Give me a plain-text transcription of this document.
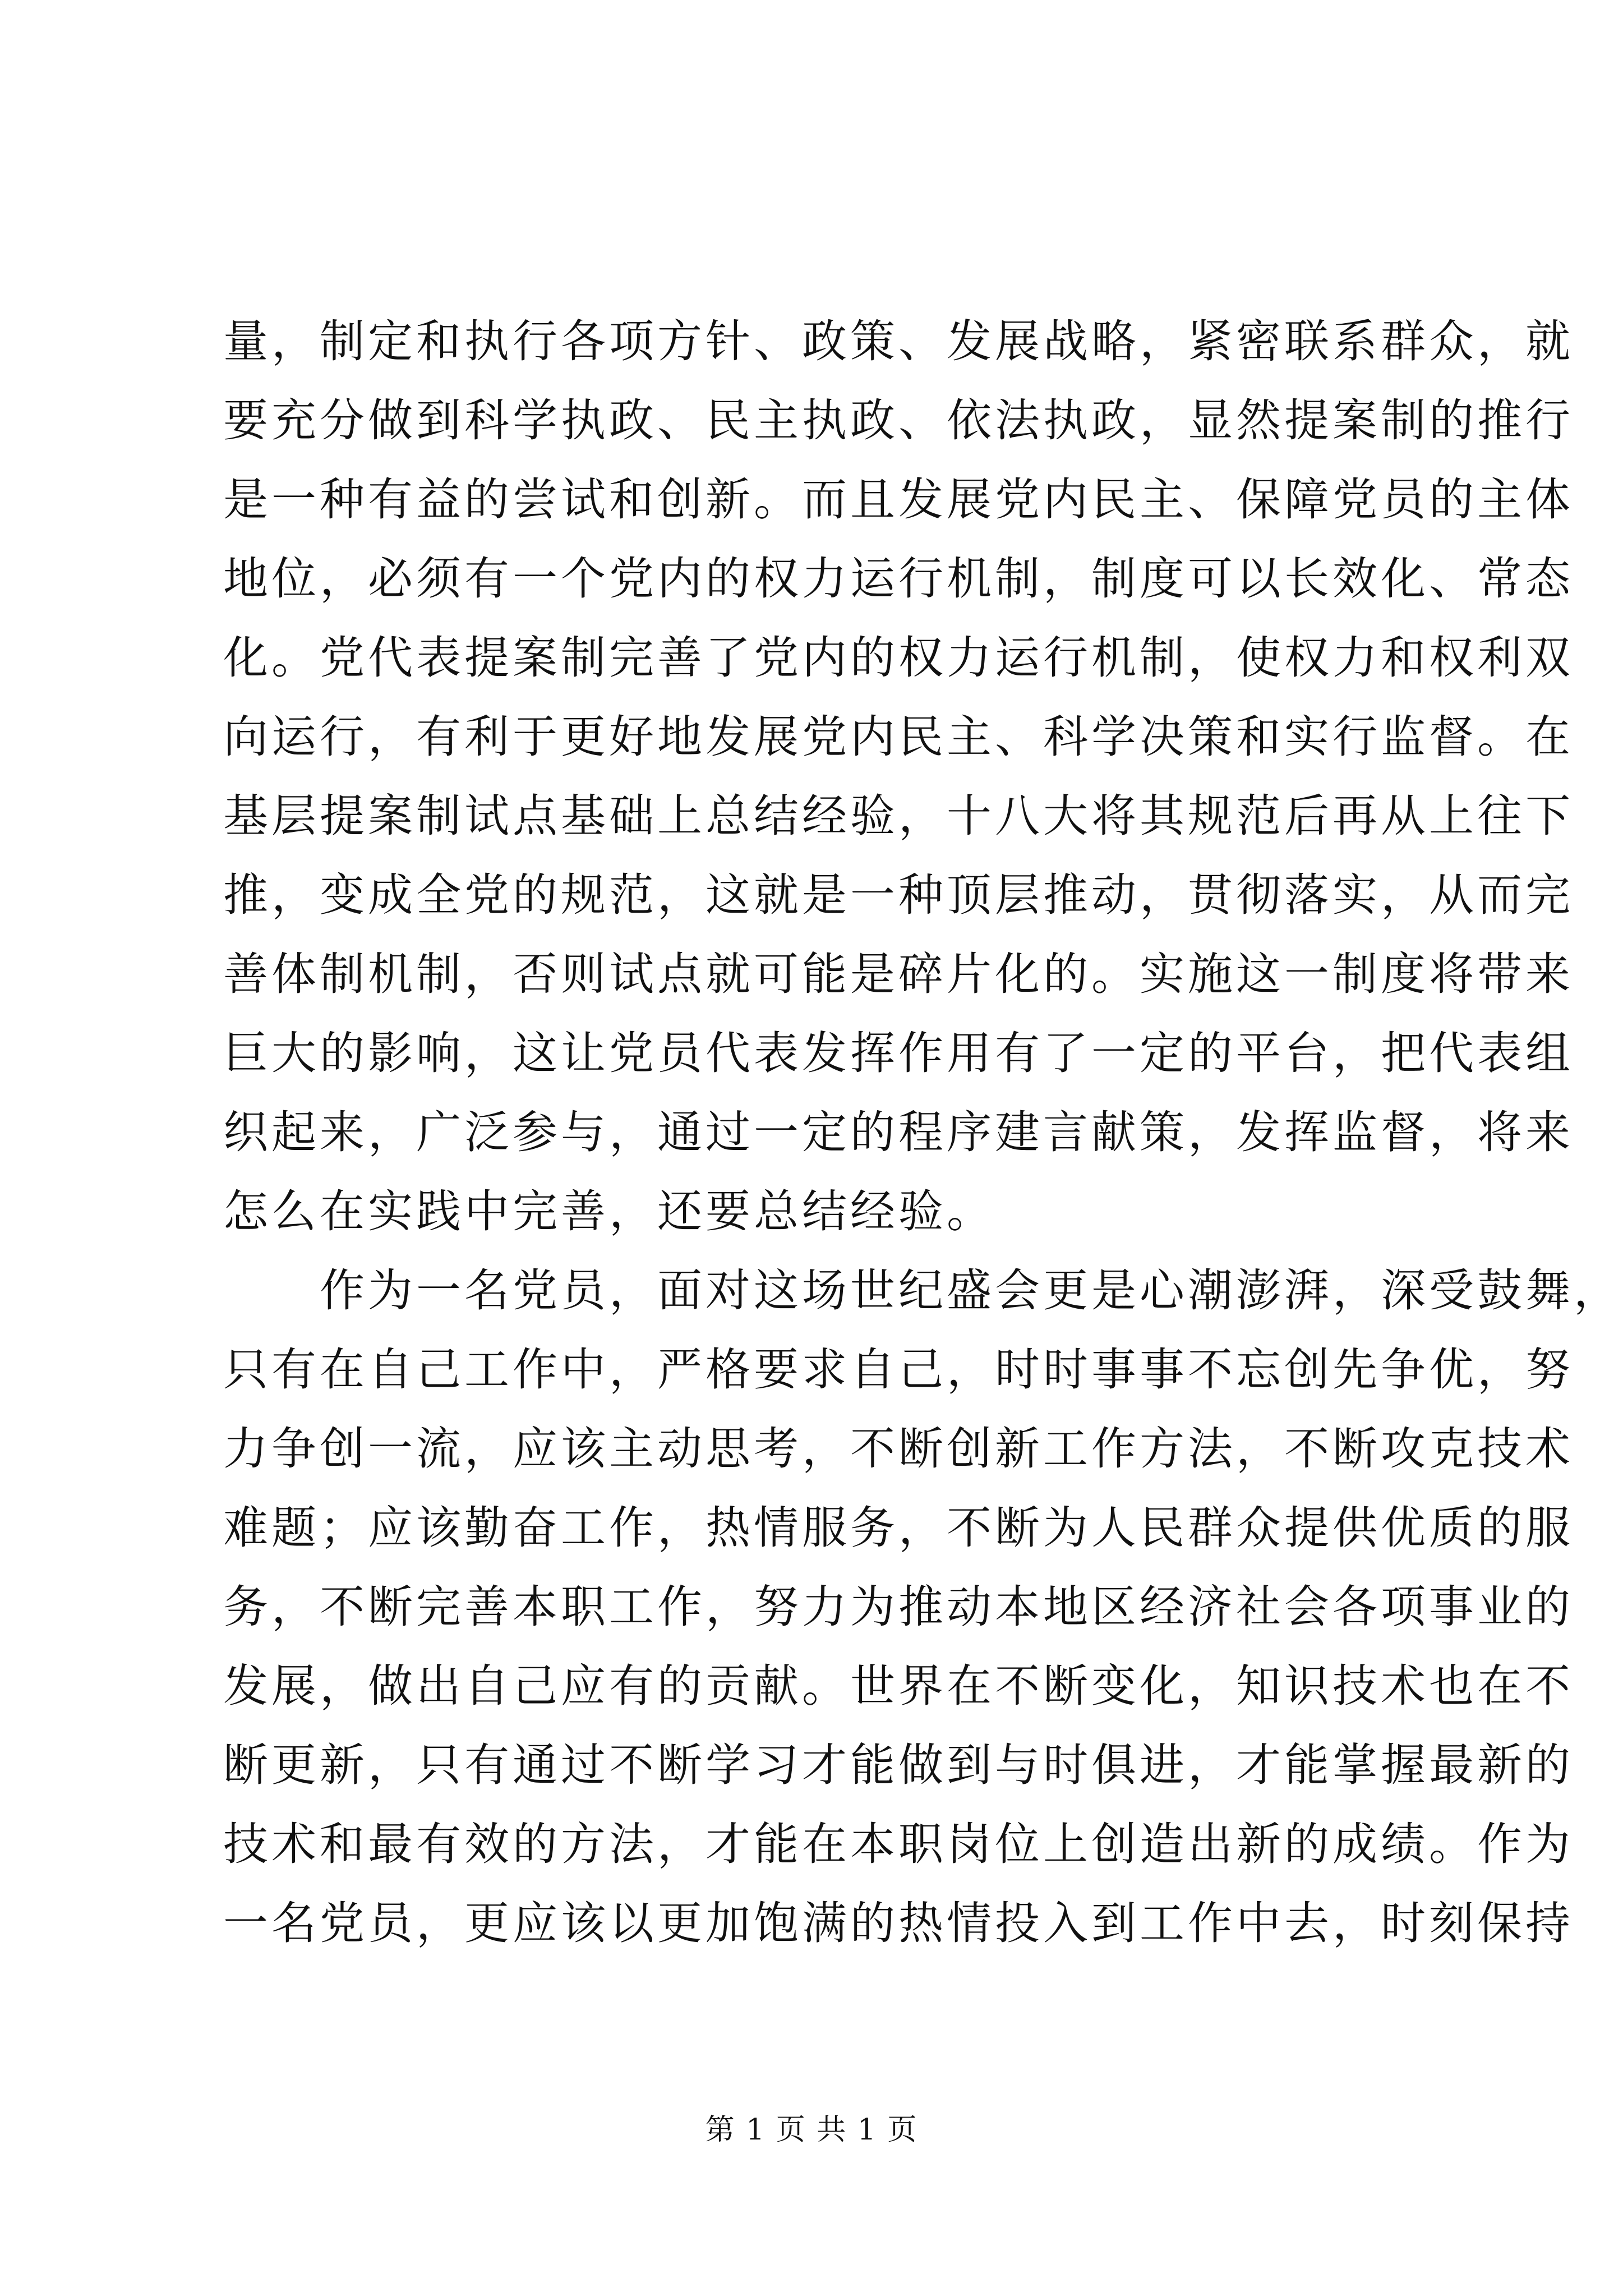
量，制定和执行各项方针、政策、发展战略，紧密联系群众，就
要充分做到科学执政、民主执政、依法执政，显然提案制的推行
是一种有益的尝试和创新。而且发展党内民主、保障党员的主体
地位，必须有一个党内的权力运行机制，制度可以长效化、常态
化。党代表提案制完善了党内的权力运行机制，使权力和权利双
向运行，有利于更好地发展党内民主、科学决策和实行监督。在
基层提案制试点基础上总结经验，十八大将其规范后再从上往下
推，变成全党的规范，这就是一种顶层推动，贯彻落实，从而完
善体制机制，否则试点就可能是碎片化的。实施这一制度将带来
巨大的影响，这让党员代表发挥作用有了一定的平台，把代表组
织起来，广泛参与，通过一定的程序建言献策，发挥监督，将来
怎么在实践中完善，还要总结经验。
　　作为一名党员，面对这场世纪盛会更是心潮澎湃，深受鼓舞，
只有在自己工作中，严格要求自己，时时事事不忘创先争优，努
力争创一流，应该主动思考，不断创新工作方法，不断攻克技术
难题；应该勤奋工作，热情服务，不断为人民群众提供优质的服
务，不断完善本职工作，努力为推动本地区经济社会各项事业的
发展，做出自己应有的贡献。世界在不断变化，知识技术也在不
断更新，只有通过不断学习才能做到与时俱进，才能掌握最新的
技术和最有效的方法，才能在本职岗位上创造出新的成绩。作为
一名党员，更应该以更加饱满的热情投入到工作中去，时刻保持
第 1 页 共 1 页
